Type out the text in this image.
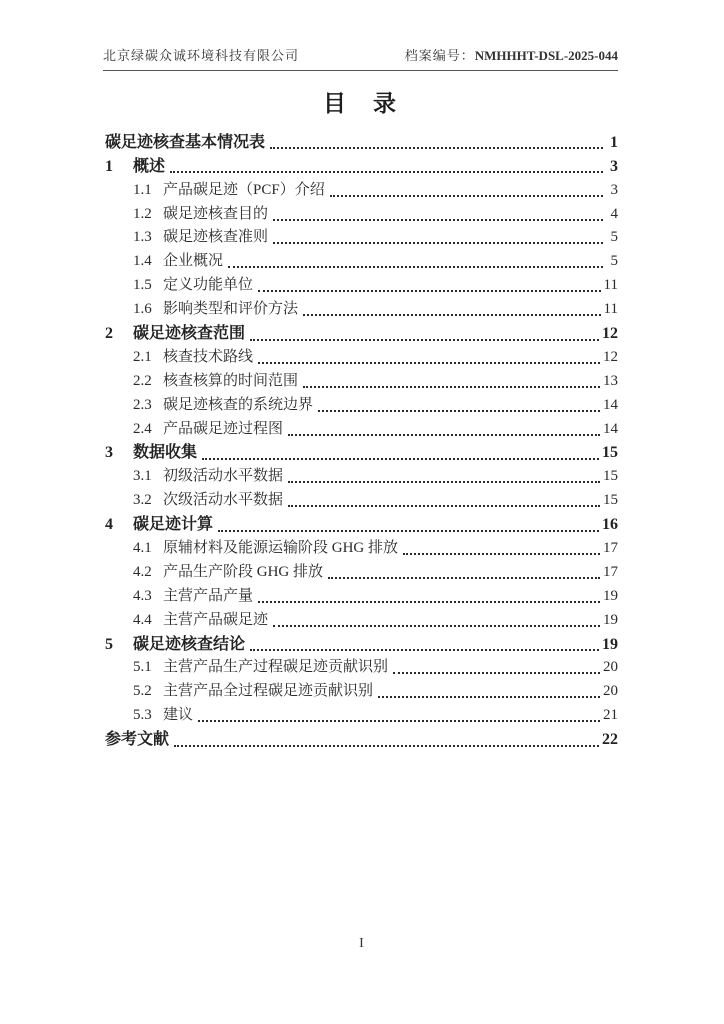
北京绿碳众诚环境科技有限公司	档案编号：NMHHHT-DSL-2025-044
目　录
碳足迹核查基本情况表	1
1	概述	3
1.1 产品碳足迹（PCF）介绍	3
1.2 碳足迹核查目的	4
1.3 碳足迹核查准则	5
1.4 企业概况	5
1.5 定义功能单位	11
1.6 影响类型和评价方法	11
2	碳足迹核查范围	12
2.1 核查技术路线	12
2.2 核查核算的时间范围	13
2.3 碳足迹核查的系统边界	14
2.4 产品碳足迹过程图	14
3	数据收集	15
3.1 初级活动水平数据	15
3.2 次级活动水平数据	15
4	碳足迹计算	16
4.1 原辅材料及能源运输阶段 GHG 排放	17
4.2 产品生产阶段 GHG 排放	17
4.3 主营产品产量	19
4.4 主营产品碳足迹	19
5	碳足迹核查结论	19
5.1 主营产品生产过程碳足迹贡献识别	20
5.2 主营产品全过程碳足迹贡献识别	20
5.3 建议	21
参考文献	22
I
